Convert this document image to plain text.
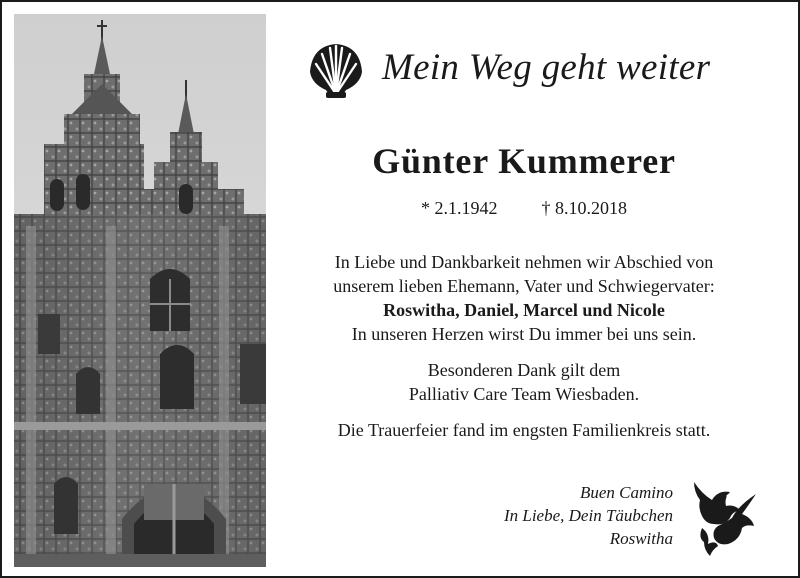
Mein Weg geht weiter
Günter Kummerer
* 2.1.1942 † 8.10.2018
In Liebe und Dankbarkeit nehmen wir Abschied von
unserem lieben Ehemann, Vater und Schwiegervater:
Roswitha, Daniel, Marcel und Nicole
In unseren Herzen wirst Du immer bei uns sein.
Besonderen Dank gilt dem
Palliativ Care Team Wiesbaden.
Die Trauerfeier fand im engsten Familienkreis statt.
Buen Camino
In Liebe, Dein Täubchen
Roswitha
